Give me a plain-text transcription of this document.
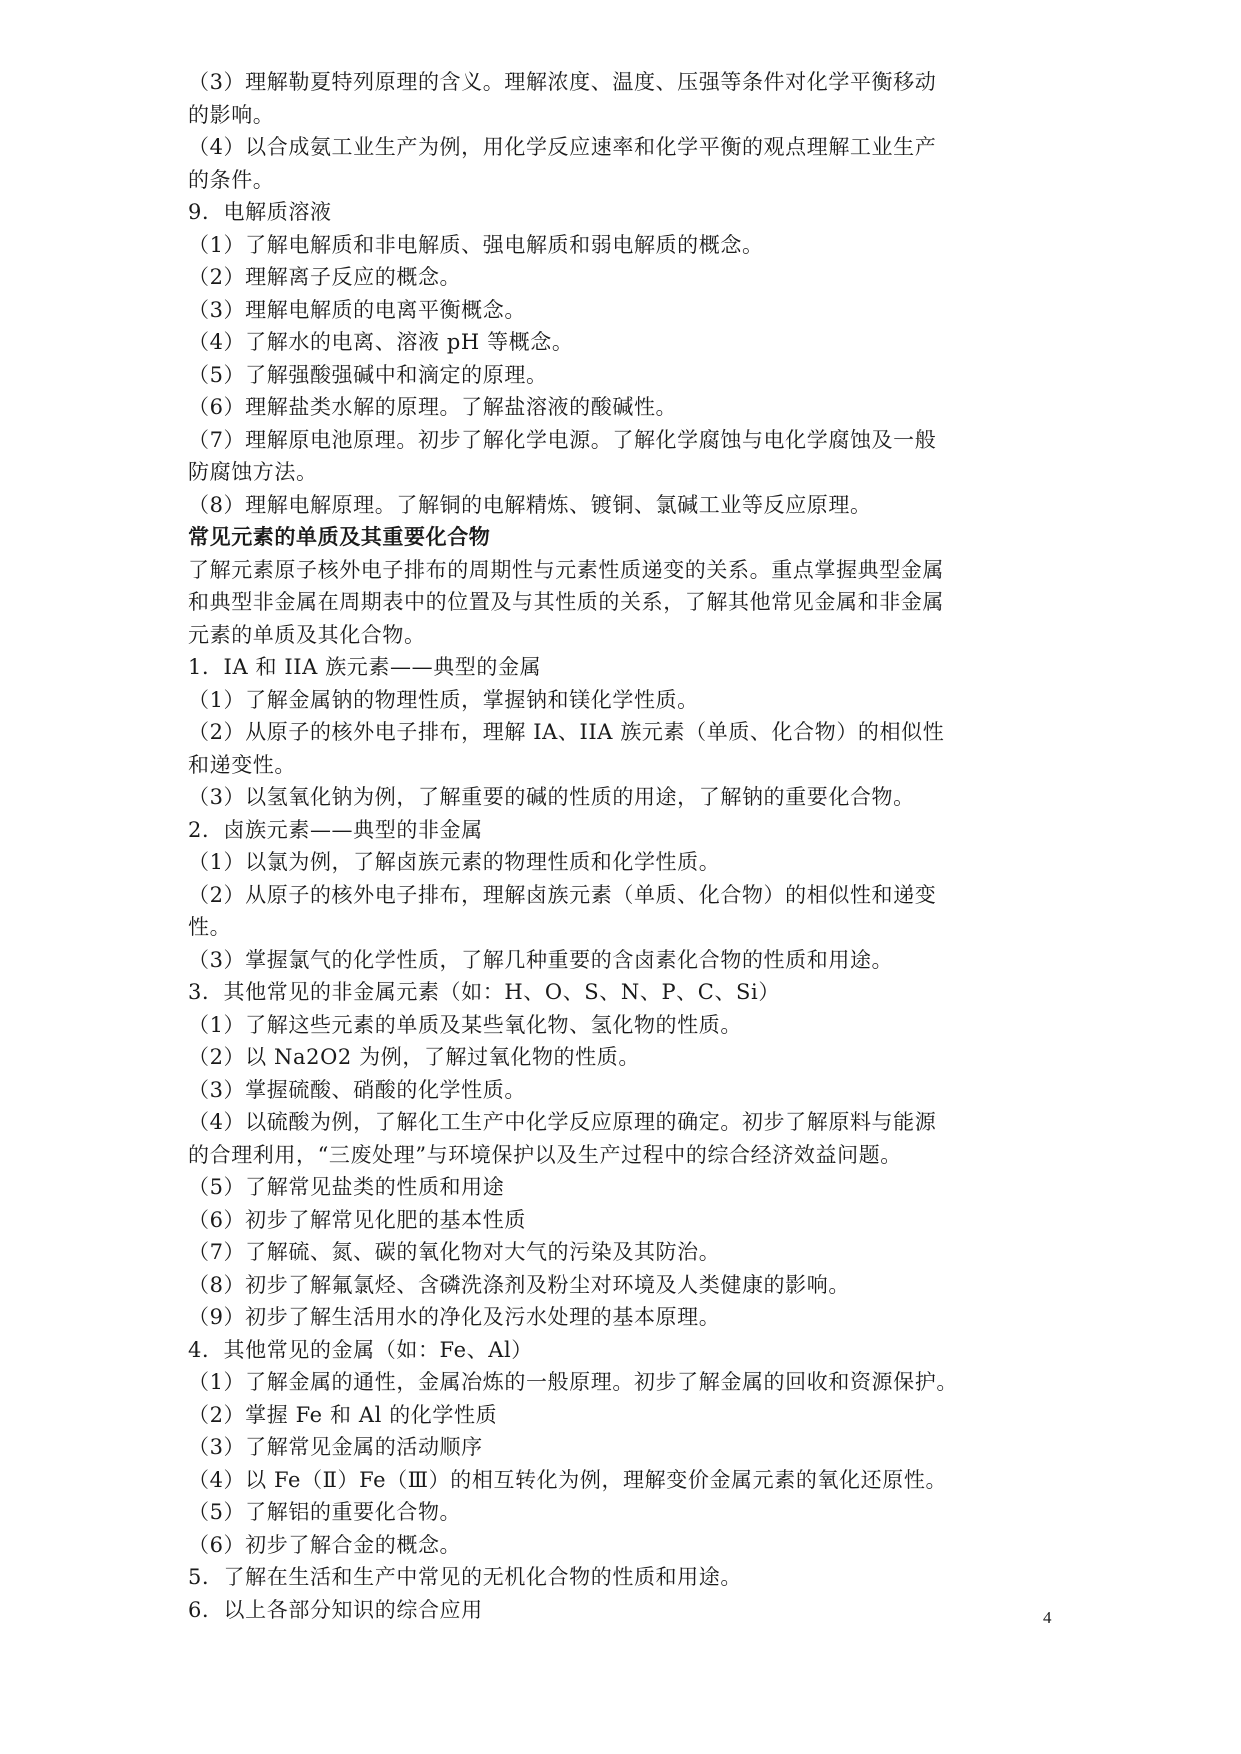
（3）理解勒夏特列原理的含义。理解浓度、温度、压强等条件对化学平衡移动
的影响。
（4）以合成氨工业生产为例，用化学反应速率和化学平衡的观点理解工业生产
的条件。
9．电解质溶液
（1）了解电解质和非电解质、强电解质和弱电解质的概念。
（2）理解离子反应的概念。
（3）理解电解质的电离平衡概念。
（4）了解水的电离、溶液 pH 等概念。
（5）了解强酸强碱中和滴定的原理。
（6）理解盐类水解的原理。了解盐溶液的酸碱性。
（7）理解原电池原理。初步了解化学电源。了解化学腐蚀与电化学腐蚀及一般
防腐蚀方法。
（8）理解电解原理。了解铜的电解精炼、镀铜、氯碱工业等反应原理。
常见元素的单质及其重要化合物
了解元素原子核外电子排布的周期性与元素性质递变的关系。重点掌握典型金属
和典型非金属在周期表中的位置及与其性质的关系，了解其他常见金属和非金属
元素的单质及其化合物。
1．ⅠA 和 IIA 族元素——典型的金属
（1）了解金属钠的物理性质，掌握钠和镁化学性质。
（2）从原子的核外电子排布，理解 IA、IIA 族元素（单质、化合物）的相似性
和递变性。
（3）以氢氧化钠为例，了解重要的碱的性质的用途，了解钠的重要化合物。
2．卤族元素——典型的非金属
（1）以氯为例，了解卤族元素的物理性质和化学性质。
（2）从原子的核外电子排布，理解卤族元素（单质、化合物）的相似性和递变
性。
（3）掌握氯气的化学性质，了解几种重要的含卤素化合物的性质和用途。
3．其他常见的非金属元素（如：H、O、S、N、P、C、Si）
（1）了解这些元素的单质及某些氧化物、氢化物的性质。
（2）以 Na2O2 为例，了解过氧化物的性质。
（3）掌握硫酸、硝酸的化学性质。
（4）以硫酸为例，了解化工生产中化学反应原理的确定。初步了解原料与能源
的合理利用，“三废处理”与环境保护以及生产过程中的综合经济效益问题。
（5）了解常见盐类的性质和用途
（6）初步了解常见化肥的基本性质
（7）了解硫、氮、碳的氧化物对大气的污染及其防治。
（8）初步了解氟氯烃、含磷洗涤剂及粉尘对环境及人类健康的影响。
（9）初步了解生活用水的净化及污水处理的基本原理。
4．其他常见的金属（如：Fe、Al）
（1）了解金属的通性，金属冶炼的一般原理。初步了解金属的回收和资源保护。
（2）掌握 Fe 和 Al 的化学性质
（3）了解常见金属的活动顺序
（4）以 Fe（Ⅱ）Fe（Ⅲ）的相互转化为例，理解变价金属元素的氧化还原性。
（5）了解铝的重要化合物。
（6）初步了解合金的概念。
5．了解在生活和生产中常见的无机化合物的性质和用途。
6．以上各部分知识的综合应用	4
